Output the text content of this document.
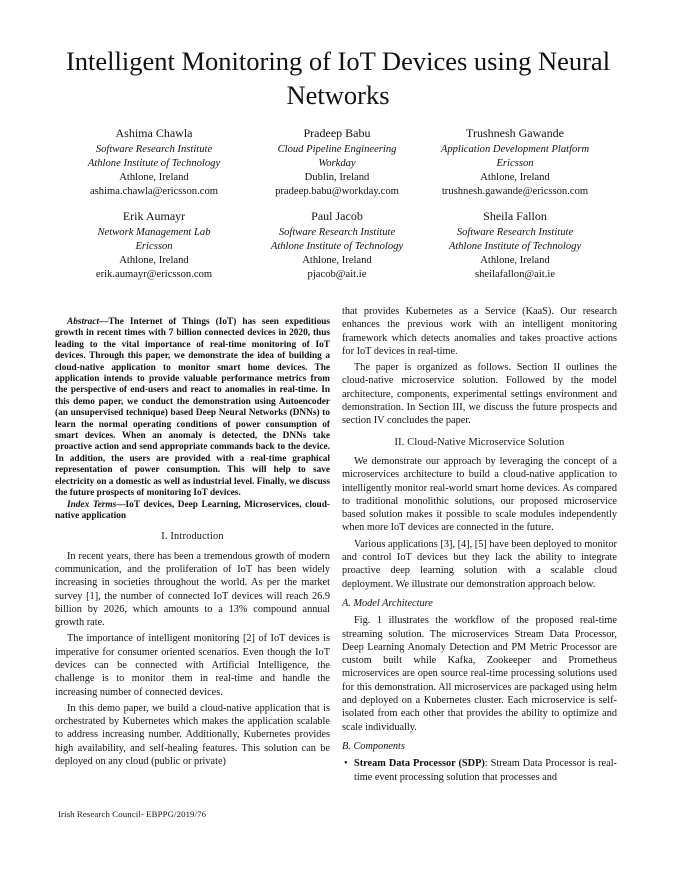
Intelligent Monitoring of IoT Devices using Neural Networks
Ashima Chawla
Software Research Institute
Athlone Institute of Technology
Athlone, Ireland
ashima.chawla@ericsson.com
Pradeep Babu
Cloud Pipeline Engineering
Workday
Dublin, Ireland
pradeep.babu@workday.com
Trushnesh Gawande
Application Development Platform
Ericsson
Athlone, Ireland
trushnesh.gawande@ericsson.com
Erik Aumayr
Network Management Lab
Ericsson
Athlone, Ireland
erik.aumayr@ericsson.com
Paul Jacob
Software Research Institute
Athlone Institute of Technology
Athlone, Ireland
pjacob@ait.ie
Sheila Fallon
Software Research Institute
Athlone Institute of Technology
Athlone, Ireland
sheilafallon@ait.ie

Abstract—The Internet of Things (IoT) has seen expeditious growth in recent times with 7 billion connected devices in 2020, thus leading to the vital importance of real-time monitoring of IoT devices. Through this paper, we demonstrate the idea of building a cloud-native application to monitor smart home devices. The application intends to provide valuable performance metrics from the perspective of end-users and react to anomalies in real-time. In this demo paper, we conduct the demonstration using Autoencoder (an unsupervised technique) based Deep Neural Networks (DNNs) to learn the normal operating conditions of power consumption of smart devices. When an anomaly is detected, the DNNs take proactive action and send appropriate commands back to the device. In addition, the users are provided with a real-time graphical representation of power consumption. This will help to save electricity on a domestic as well as industrial level. Finally, we discuss the future prospects of monitoring IoT devices.

Index Terms—IoT devices, Deep Learning, Microservices, cloud-native application

I. Introduction

In recent years, there has been a tremendous growth of modern communication, and the proliferation of IoT has been widely increasing in societies throughout the world. As per the market survey [1], the number of connected IoT devices will reach 26.9 billion by 2026, which amounts to a 13% compound annual growth rate.

The importance of intelligent monitoring [2] of IoT devices is imperative for consumer oriented scenarios. Even though the IoT devices can be connected with Artificial Intelligence, the challenge is to monitor them in real-time and handle the increasing number of connected devices.

In this demo paper, we build a cloud-native application that is orchestrated by Kubernetes which makes the application scalable to address increasing number. Additionally, Kubernetes provides high availability, and self-healing features. This solution can be deployed on any cloud (public or private)

that provides Kubernetes as a Service (KaaS). Our research enhances the previous work with an intelligent monitoring framework which detects anomalies and takes proactive actions for IoT devices in real-time.

The paper is organized as follows. Section II outlines the cloud-native microservice solution. Followed by the model architecture, components, experimental settings environment and demonstration. In Section III, we discuss the future prospects and section IV concludes the paper.

II. Cloud-Native Microservice Solution

We demonstrate our approach by leveraging the concept of a microservices architecture to build a cloud-native application to intelligently monitor real-world smart home devices. As compared to traditional monolithic solutions, our proposed microservice based solution makes it possible to scale modules independently when more IoT devices are connected in the future.

Various applications [3], [4], [5] have been deployed to monitor and control IoT devices but they lack the ability to integrate proactive deep learning solution with a scalable cloud deployment. We illustrate our demonstration approach below.

A. Model Architecture

Fig. 1 illustrates the workflow of the proposed real-time streaming solution. The microservices Stream Data Processor, Deep Learning Anomaly Detection and PM Metric Processor are custom built while Kafka, Zookeeper and Prometheus microservices are open source real-time processing solutions used for this demonstration. All microservices are packaged using helm and deployed on a Kubernetes cluster. Each microservice is self-isolated from each other that provides the ability to optimize and scale individually.

B. Components
• Stream Data Processor (SDP): Stream Data Processor is real-time event processing solution that processes and
Irish Research Council- EBPPG/2019/76
